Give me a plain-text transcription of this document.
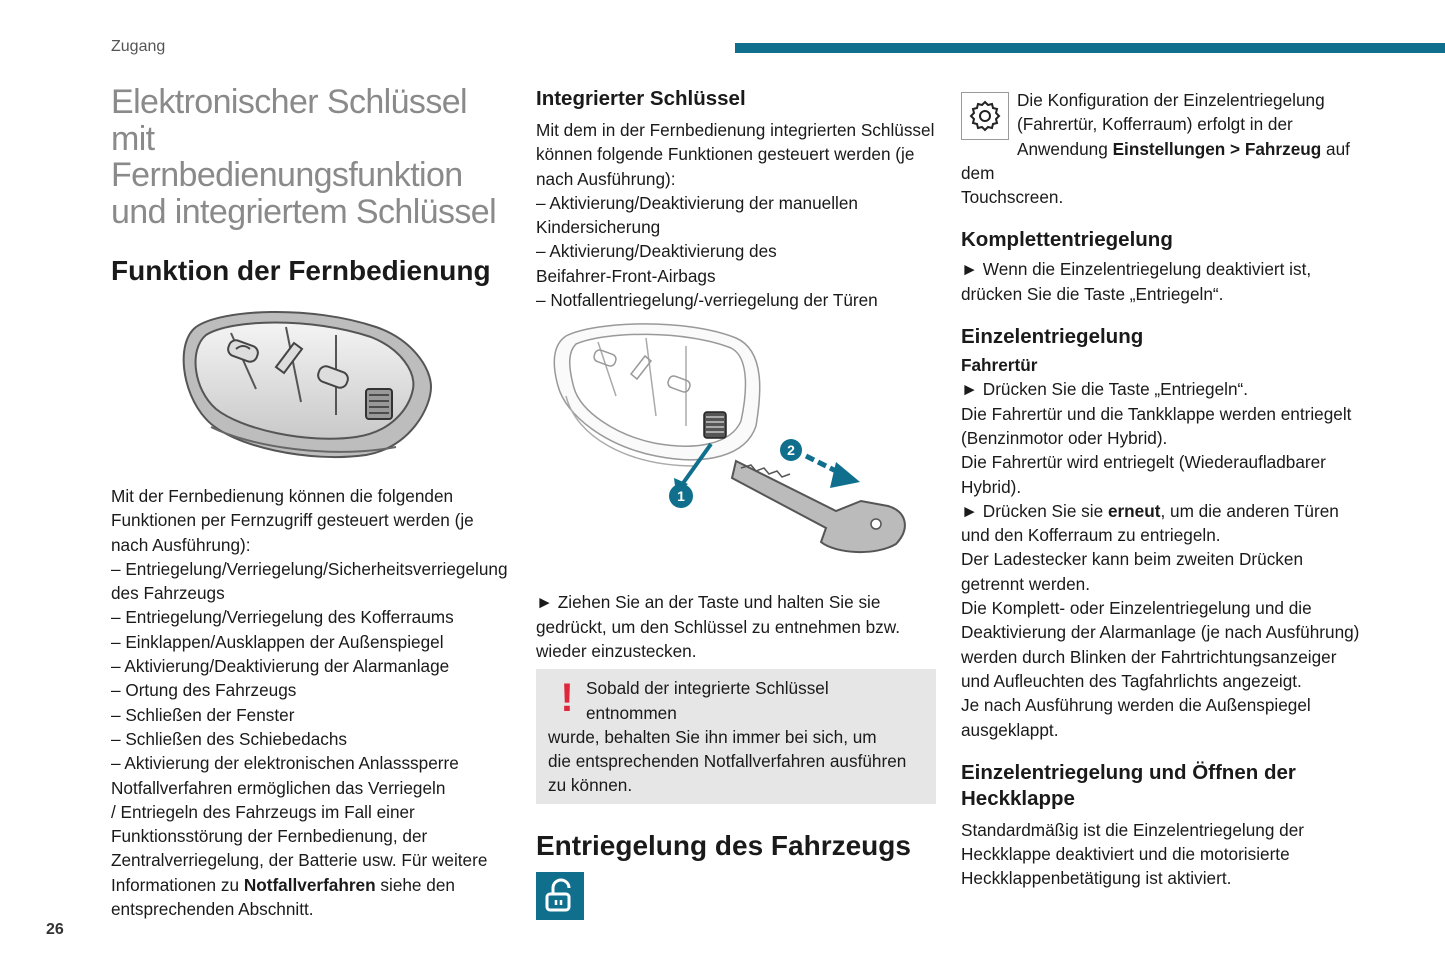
Zugang
26
Elektronischer Schlüssel
mit Fernbedienungsfunktion
und integriertem Schlüssel
Funktion der Fernbedienung

Mit der Fernbedienung können die folgenden
Funktionen per Fernzugriff gesteuert werden (je
nach Ausführung):

– Entriegelung/Verriegelung/Sicherheitsverriegelung
des Fahrzeugs
– Entriegelung/Verriegelung des Kofferraums
– Einklappen/Ausklappen der Außenspiegel
– Aktivierung/Deaktivierung der Alarmanlage
– Ortung des Fahrzeugs
– Schließen der Fenster
– Schließen des Schiebedachs
– Aktivierung der elektronischen Anlasssperre

Notfallverfahren ermöglichen das Verriegeln
/ Entriegeln des Fahrzeugs im Fall einer
Funktionsstörung der Fernbedienung, der
Zentralverriegelung, der Batterie usw. Für weitere
Informationen zu Notfallverfahren siehe den
entsprechenden Abschnitt.

Integrierter Schlüssel

Mit dem in der Fernbedienung integrierten Schlüssel
können folgende Funktionen gesteuert werden (je
nach Ausführung):
– Aktivierung/Deaktivierung der manuellen
Kindersicherung
– Aktivierung/Deaktivierung des
Beifahrer-Front-Airbags
– Notfallentriegelung/-verriegelung der Türen

1
2

► Ziehen Sie an der Taste und halten Sie sie
gedrückt, um den Schlüssel zu entnehmen bzw.
wieder einzustecken.

! Sobald der integrierte Schlüssel entnommen
wurde, behalten Sie ihn immer bei sich, um
die entsprechenden Notfallverfahren ausführen
zu können.
Entriegelung des Fahrzeugs
Die Konfiguration der Einzelentriegelung
(Fahrertür, Kofferraum) erfolgt in der
Anwendung Einstellungen > Fahrzeug auf dem
Touchscreen.
Komplettentriegelung

► Wenn die Einzelentriegelung deaktiviert ist,
drücken Sie die Taste „Entriegeln“.

Einzelentriegelung
Fahrertür

► Drücken Sie die Taste „Entriegeln“.
Die Fahrertür und die Tankklappe werden entriegelt
(Benzinmotor oder Hybrid).
Die Fahrertür wird entriegelt (Wiederaufladbarer
Hybrid).
► Drücken Sie sie erneut, um die anderen Türen
und den Kofferraum zu entriegeln.
Der Ladestecker kann beim zweiten Drücken
getrennt werden.
Die Komplett- oder Einzelentriegelung und die
Deaktivierung der Alarmanlage (je nach Ausführung)
werden durch Blinken der Fahrtrichtungsanzeiger
und Aufleuchten des Tagfahrlichts angezeigt.
Je nach Ausführung werden die Außenspiegel
ausgeklappt.

Einzelentriegelung und Öffnen der
Heckklappe

Standardmäßig ist die Einzelentriegelung der
Heckklappe deaktiviert und die motorisierte
Heckklappenbetätigung ist aktiviert.
